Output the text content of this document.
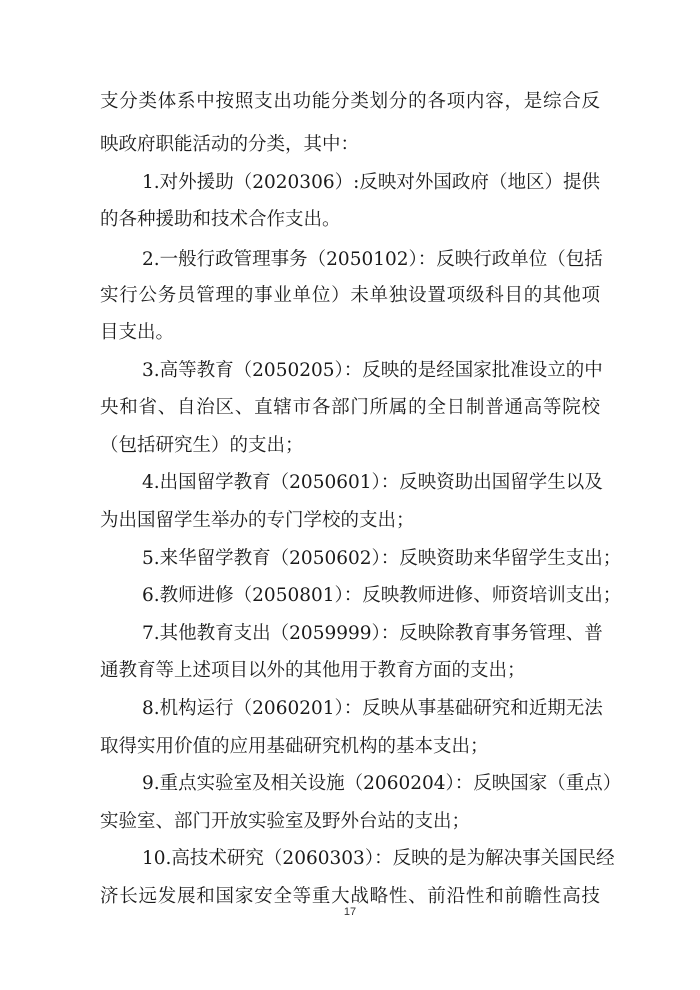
支分类体系中按照支出功能分类划分的各项内容，是综合反
映政府职能活动的分类，其中：
1.对外援助（2020306）:反映对外国政府（地区）提供
的各种援助和技术合作支出。
2.一般行政管理事务（2050102）：反映行政单位（包括
实行公务员管理的事业单位）未单独设置项级科目的其他项
目支出。
3.高等教育（2050205）：反映的是经国家批准设立的中
央和省、自治区、直辖市各部门所属的全日制普通高等院校
（包括研究生）的支出；
4.出国留学教育（2050601）：反映资助出国留学生以及
为出国留学生举办的专门学校的支出；
5.来华留学教育（2050602）：反映资助来华留学生支出；
6.教师进修（2050801）：反映教师进修、师资培训支出；
7.其他教育支出（2059999）：反映除教育事务管理、普
通教育等上述项目以外的其他用于教育方面的支出；
8.机构运行（2060201）：反映从事基础研究和近期无法
取得实用价值的应用基础研究机构的基本支出；
9.重点实验室及相关设施（2060204）：反映国家（重点）
实验室、部门开放实验室及野外台站的支出；
10.高技术研究（2060303）：反映的是为解决事关国民经
济长远发展和国家安全等重大战略性、前沿性和前瞻性高技
17
